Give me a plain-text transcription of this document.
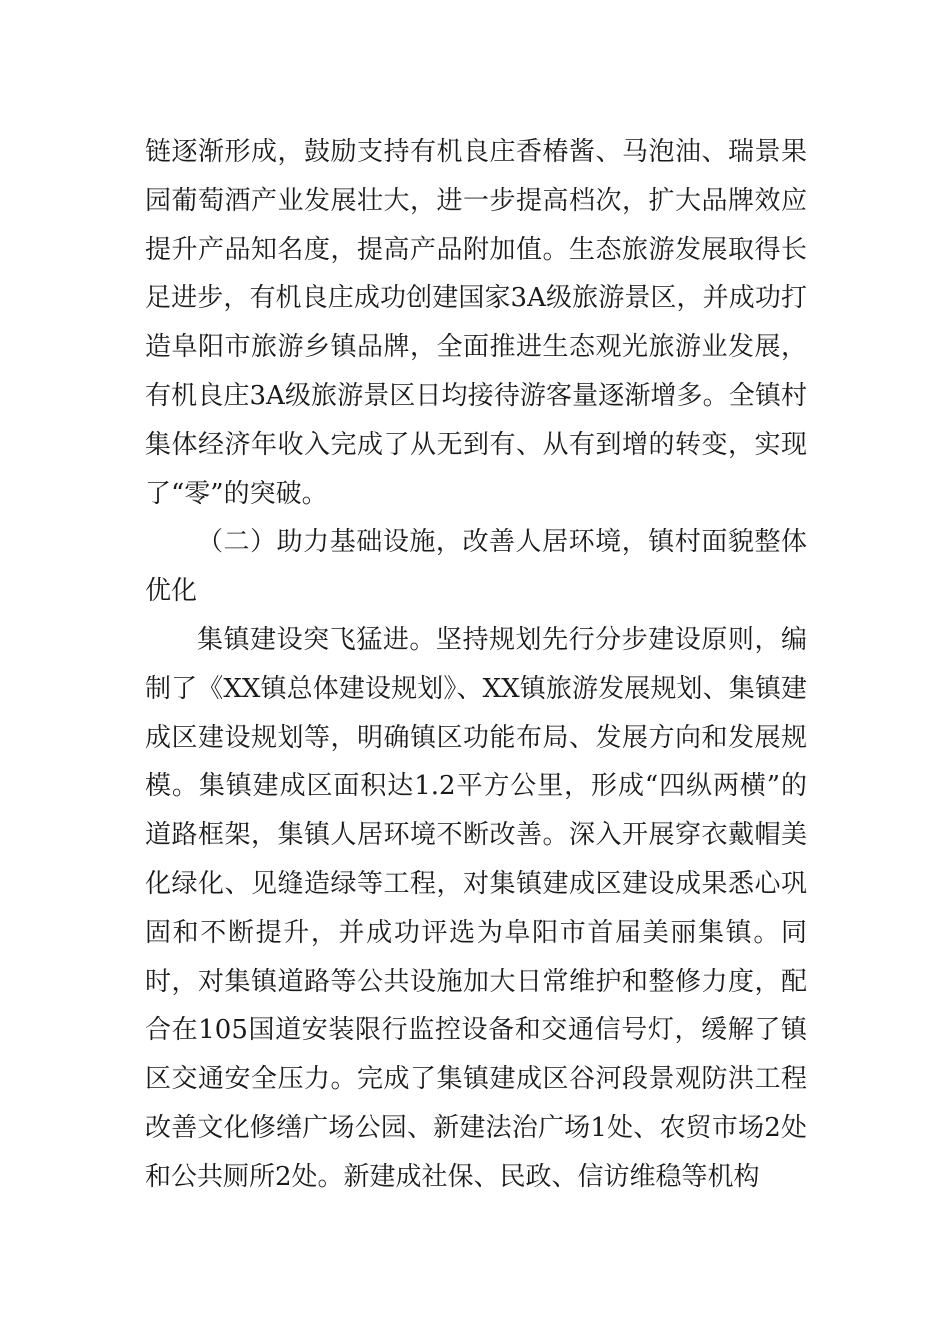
链逐渐形成，鼓励支持有机良庄香椿酱、马泡油、瑞景果园葡萄酒产业发展壮大，进一步提高档次，扩大品牌效应提升产品知名度，提高产品附加值。生态旅游发展取得长足进步，有机良庄成功创建国家3A级旅游景区，并成功打造阜阳市旅游乡镇品牌，全面推进生态观光旅游业发展，有机良庄3A级旅游景区日均接待游客量逐渐增多。全镇村集体经济年收入完成了从无到有、从有到增的转变，实现了“零”的突破。

（二）助力基础设施，改善人居环境，镇村面貌整体优化

集镇建设突飞猛进。坚持规划先行分步建设原则，编制了《XX镇总体建设规划》、XX镇旅游发展规划、集镇建成区建设规划等，明确镇区功能布局、发展方向和发展规模。集镇建成区面积达1.2平方公里，形成“四纵两横”的道路框架，集镇人居环境不断改善。深入开展穿衣戴帽美化绿化、见缝造绿等工程，对集镇建成区建设成果悉心巩固和不断提升，并成功评选为阜阳市首届美丽集镇。同时，对集镇道路等公共设施加大日常维护和整修力度，配合在105国道安装限行监控设备和交通信号灯，缓解了镇区交通安全压力。完成了集镇建成区谷河段景观防洪工程改善文化修缮广场公园、新建法治广场1处、农贸市场2处和公共厕所2处。新建成社保、民政、信访维稳等机构
